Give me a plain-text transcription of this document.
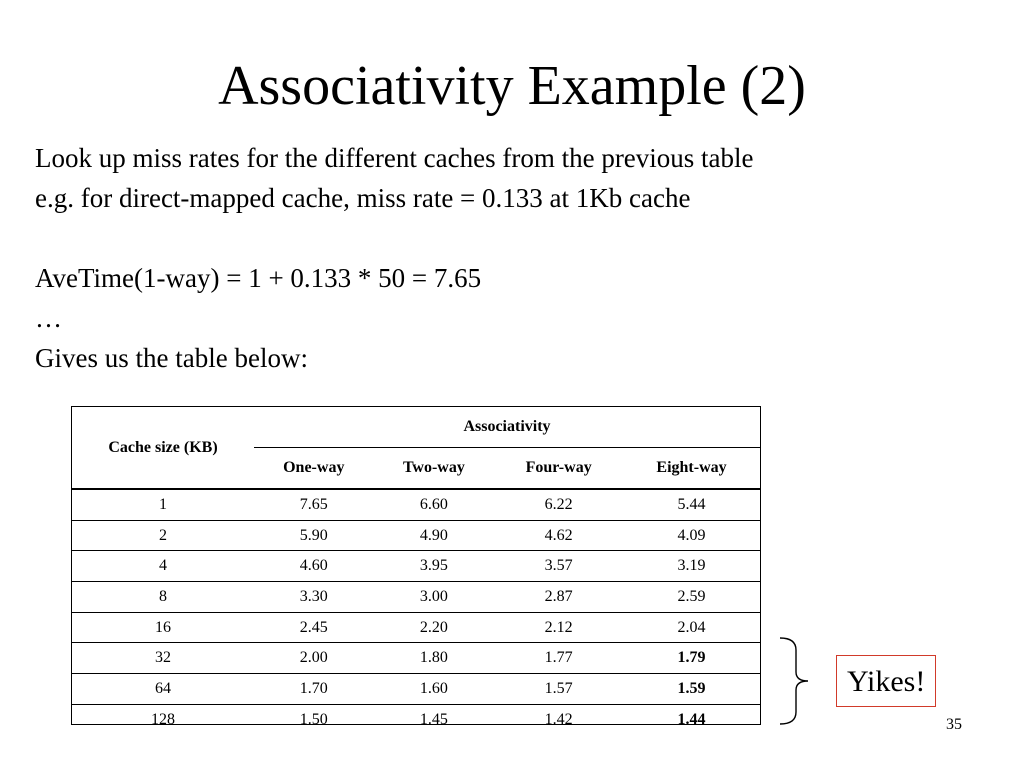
Associativity Example (2)
Look up miss rates for the different caches from the previous table
e.g. for direct-mapped cache, miss rate = 0.133 at 1Kb cache
AveTime(1-way) = 1 + 0.133 * 50 = 7.65
…
Gives us the table below:
Cache size (KB)	Associativity			
	One-way	Two-way	Four-way	Eight-way
1	7.65	6.60	6.22	5.44
2	5.90	4.90	4.62	4.09
4	4.60	3.95	3.57	3.19
8	3.30	3.00	2.87	2.59
16	2.45	2.20	2.12	2.04
32	2.00	1.80	1.77	1.79
64	1.70	1.60	1.57	1.59
128	1.50	1.45	1.42	1.44
Yikes!
35
